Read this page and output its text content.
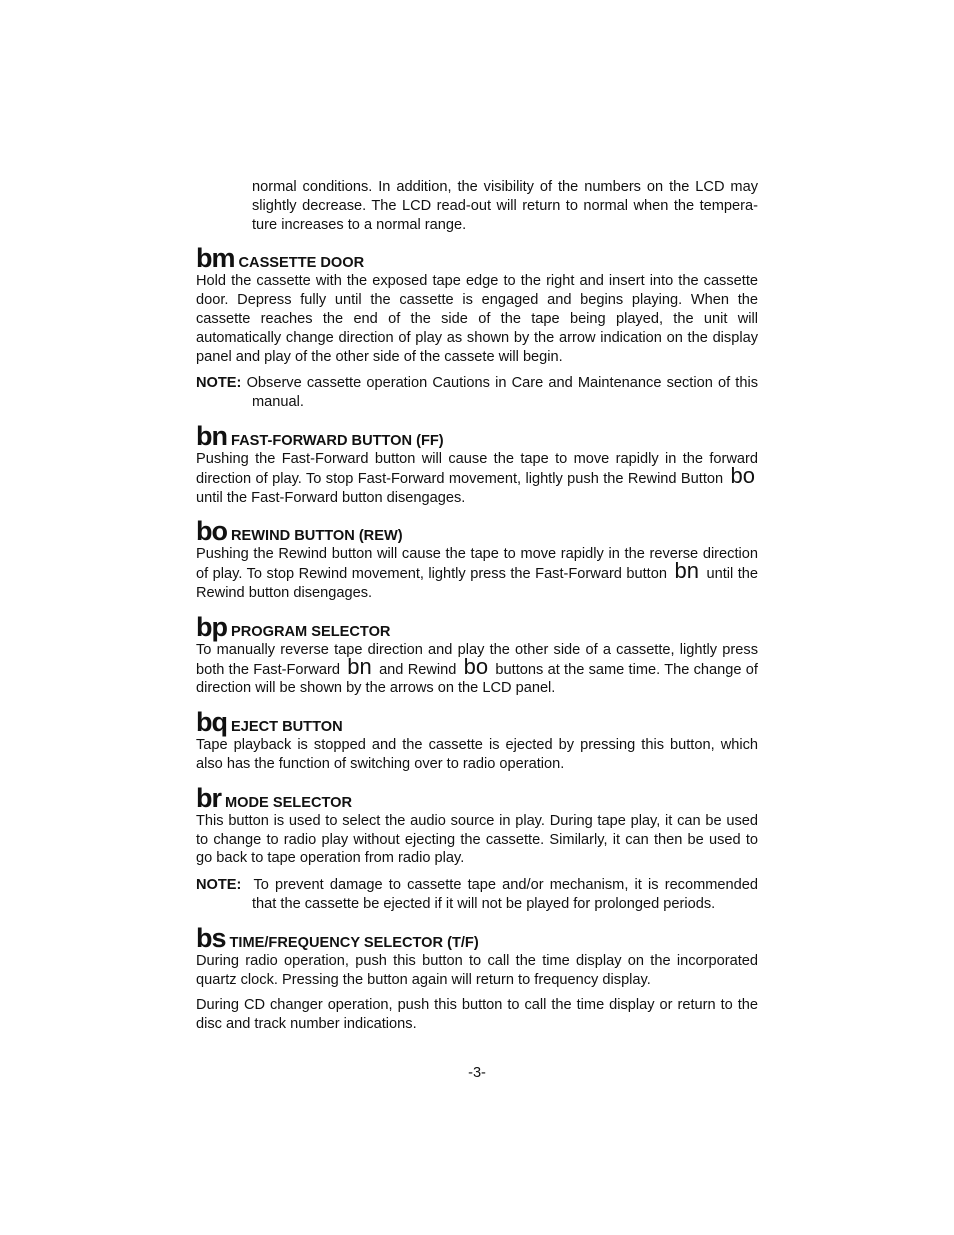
normal conditions. In addition, the visibility of the numbers on the LCD may slightly decrease. The LCD read-out will return to normal when the tempera-ture increases to a normal range.

bm CASSETTE DOOR

Hold the cassette with the exposed tape edge to the right and insert into the cassette door. Depress fully until the cassette is engaged and begins playing. When the cassette reaches the end of the side of the tape being played, the unit will automatically change direction of play as shown by the arrow indication on the display panel and play of the other side of the cassete will begin.

NOTE: Observe cassette operation Cautions in Care and Maintenance section of this manual.

bn FAST-FORWARD BUTTON (FF)

Pushing the Fast-Forward button will cause the tape to move rapidly in the forward direction of play. To stop Fast-Forward movement, lightly push the Rewind Button bo until the Fast-Forward button disengages.

bo REWIND BUTTON (REW)

Pushing the Rewind button will cause the tape to move rapidly in the reverse direction of play. To stop Rewind movement, lightly press the Fast-Forward button bn until the Rewind button disengages.

bp PROGRAM SELECTOR

To manually reverse tape direction and play the other side of a cassette, lightly press both the Fast-Forward bn and Rewind bo buttons at the same time. The change of direction will be shown by the arrows on the LCD panel.

bq EJECT BUTTON

Tape playback is stopped and the cassette is ejected by pressing this button, which also has the function of switching over to radio operation.

br MODE SELECTOR

This button is used to select the audio source in play. During tape play, it can be used to change to radio play without ejecting the cassette. Similarly, it can then be used to go back to tape operation from radio play.

NOTE: To prevent damage to cassette tape and/or mechanism, it is recommended that the cassette be ejected if it will not be played for prolonged periods.

bs TIME/FREQUENCY SELECTOR (T/F)

During radio operation, push this button to call the time display on the incorporated quartz clock. Pressing the button again will return to frequency display.

During CD changer operation, push this button to call the time display or return to the disc and track number indications.

-3-
